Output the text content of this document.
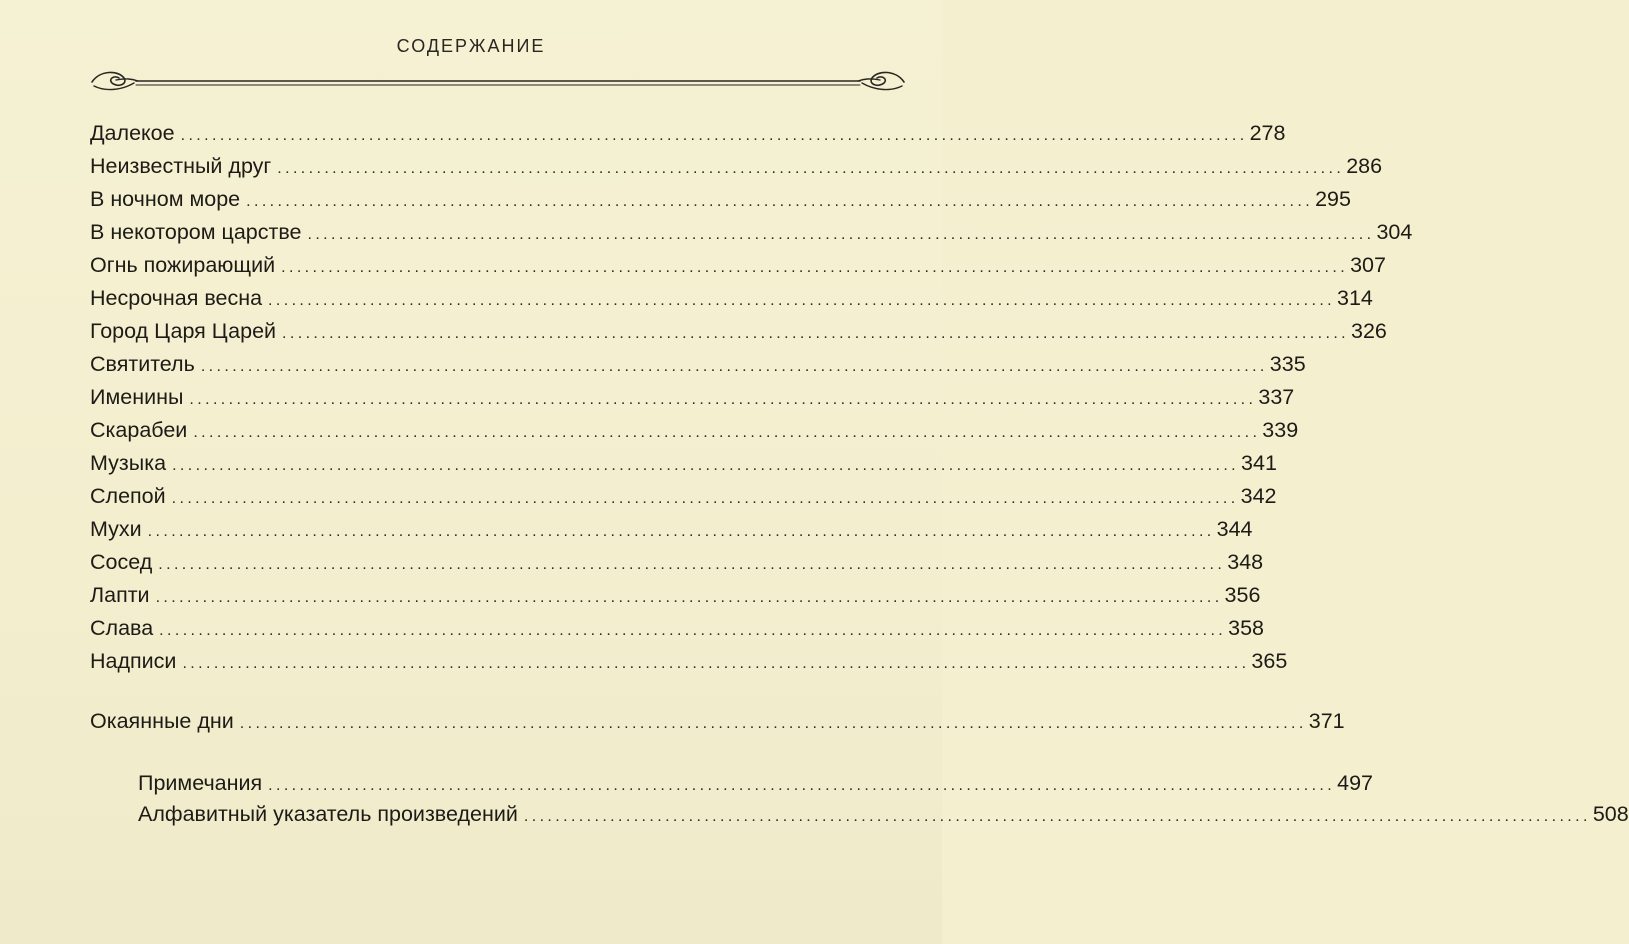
СОДЕРЖАНИЕ
Далекое ........................................................................................................................................ 278
Неизвестный друг ........................................................................................................................................ 286
В ночном море ........................................................................................................................................ 295
В некотором царстве ........................................................................................................................................ 304
Огнь пожирающий ........................................................................................................................................ 307
Несрочная весна ........................................................................................................................................ 314
Город Царя Царей ........................................................................................................................................ 326
Святитель ........................................................................................................................................ 335
Именины ........................................................................................................................................ 337
Скарабеи ........................................................................................................................................ 339
Музыка ........................................................................................................................................ 341
Слепой ........................................................................................................................................ 342
Мухи ........................................................................................................................................ 344
Сосед ........................................................................................................................................ 348
Лапти ........................................................................................................................................ 356
Слава ........................................................................................................................................ 358
Надписи ........................................................................................................................................ 365
Окаянные дни ........................................................................................................................................ 371
Примечания ........................................................................................................................................ 497
Алфавитный указатель произведений ........................................................................................................................................ 508
